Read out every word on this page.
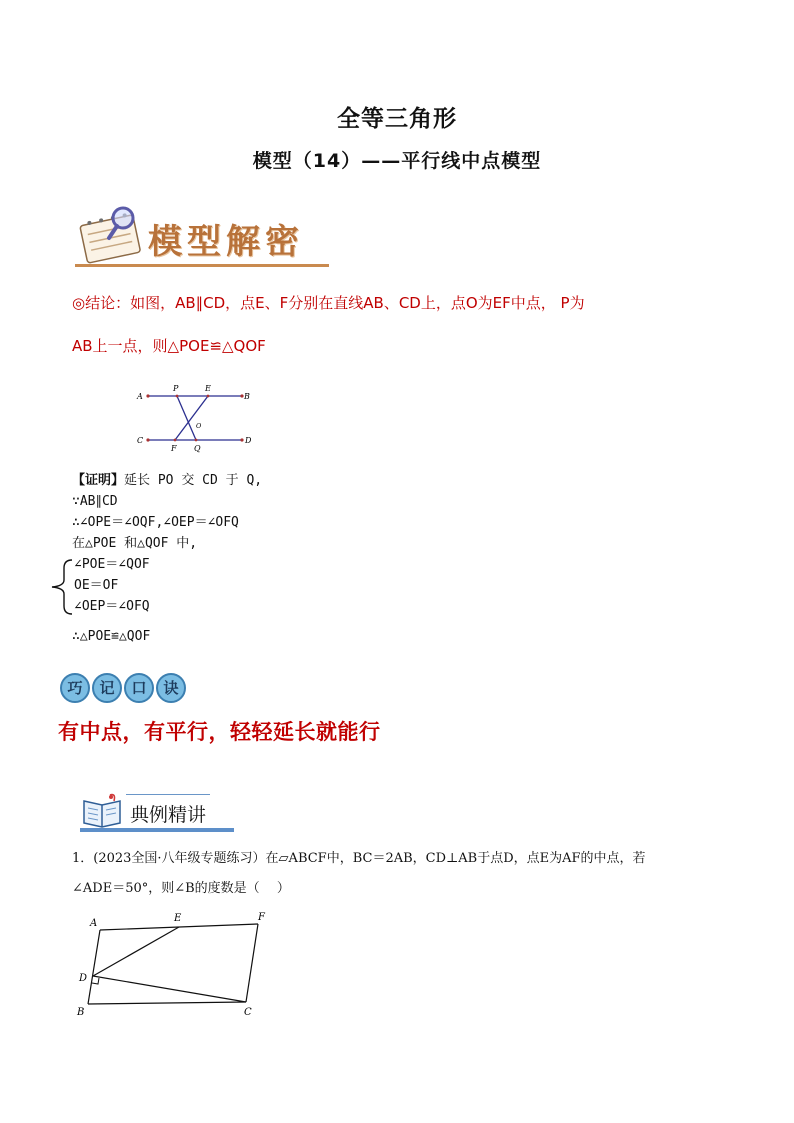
全等三角形
模型（14）——平行线中点模型
模型解密
◎结论：如图，AB∥CD，点E、F分别在直线AB、CD上，点O为EF中点， P为
AB上一点，则△POE≌△QOF
A	B
C	D
P	E
O
F Q
【证明】延长 PO 交 CD 于 Q,
∵AB∥CD
∴∠OPE＝∠OQF,∠OEP＝∠OFQ
在△POE 和△QOF 中,
∠POE＝∠QOF
OE＝OF
∠OEP＝∠OFQ
∴△POE≌△QOF
巧	记	口	诀
有中点，有平行，轻轻延长就能行
典例精讲
1．(2023全国·八年级专题练习）在▱ABCF中，BC＝2AB，CD⊥AB于点D，点E为AF的中点，若
∠ADE＝50°，则∠B的度数是（　 ）
A	E	F
D
B	C
